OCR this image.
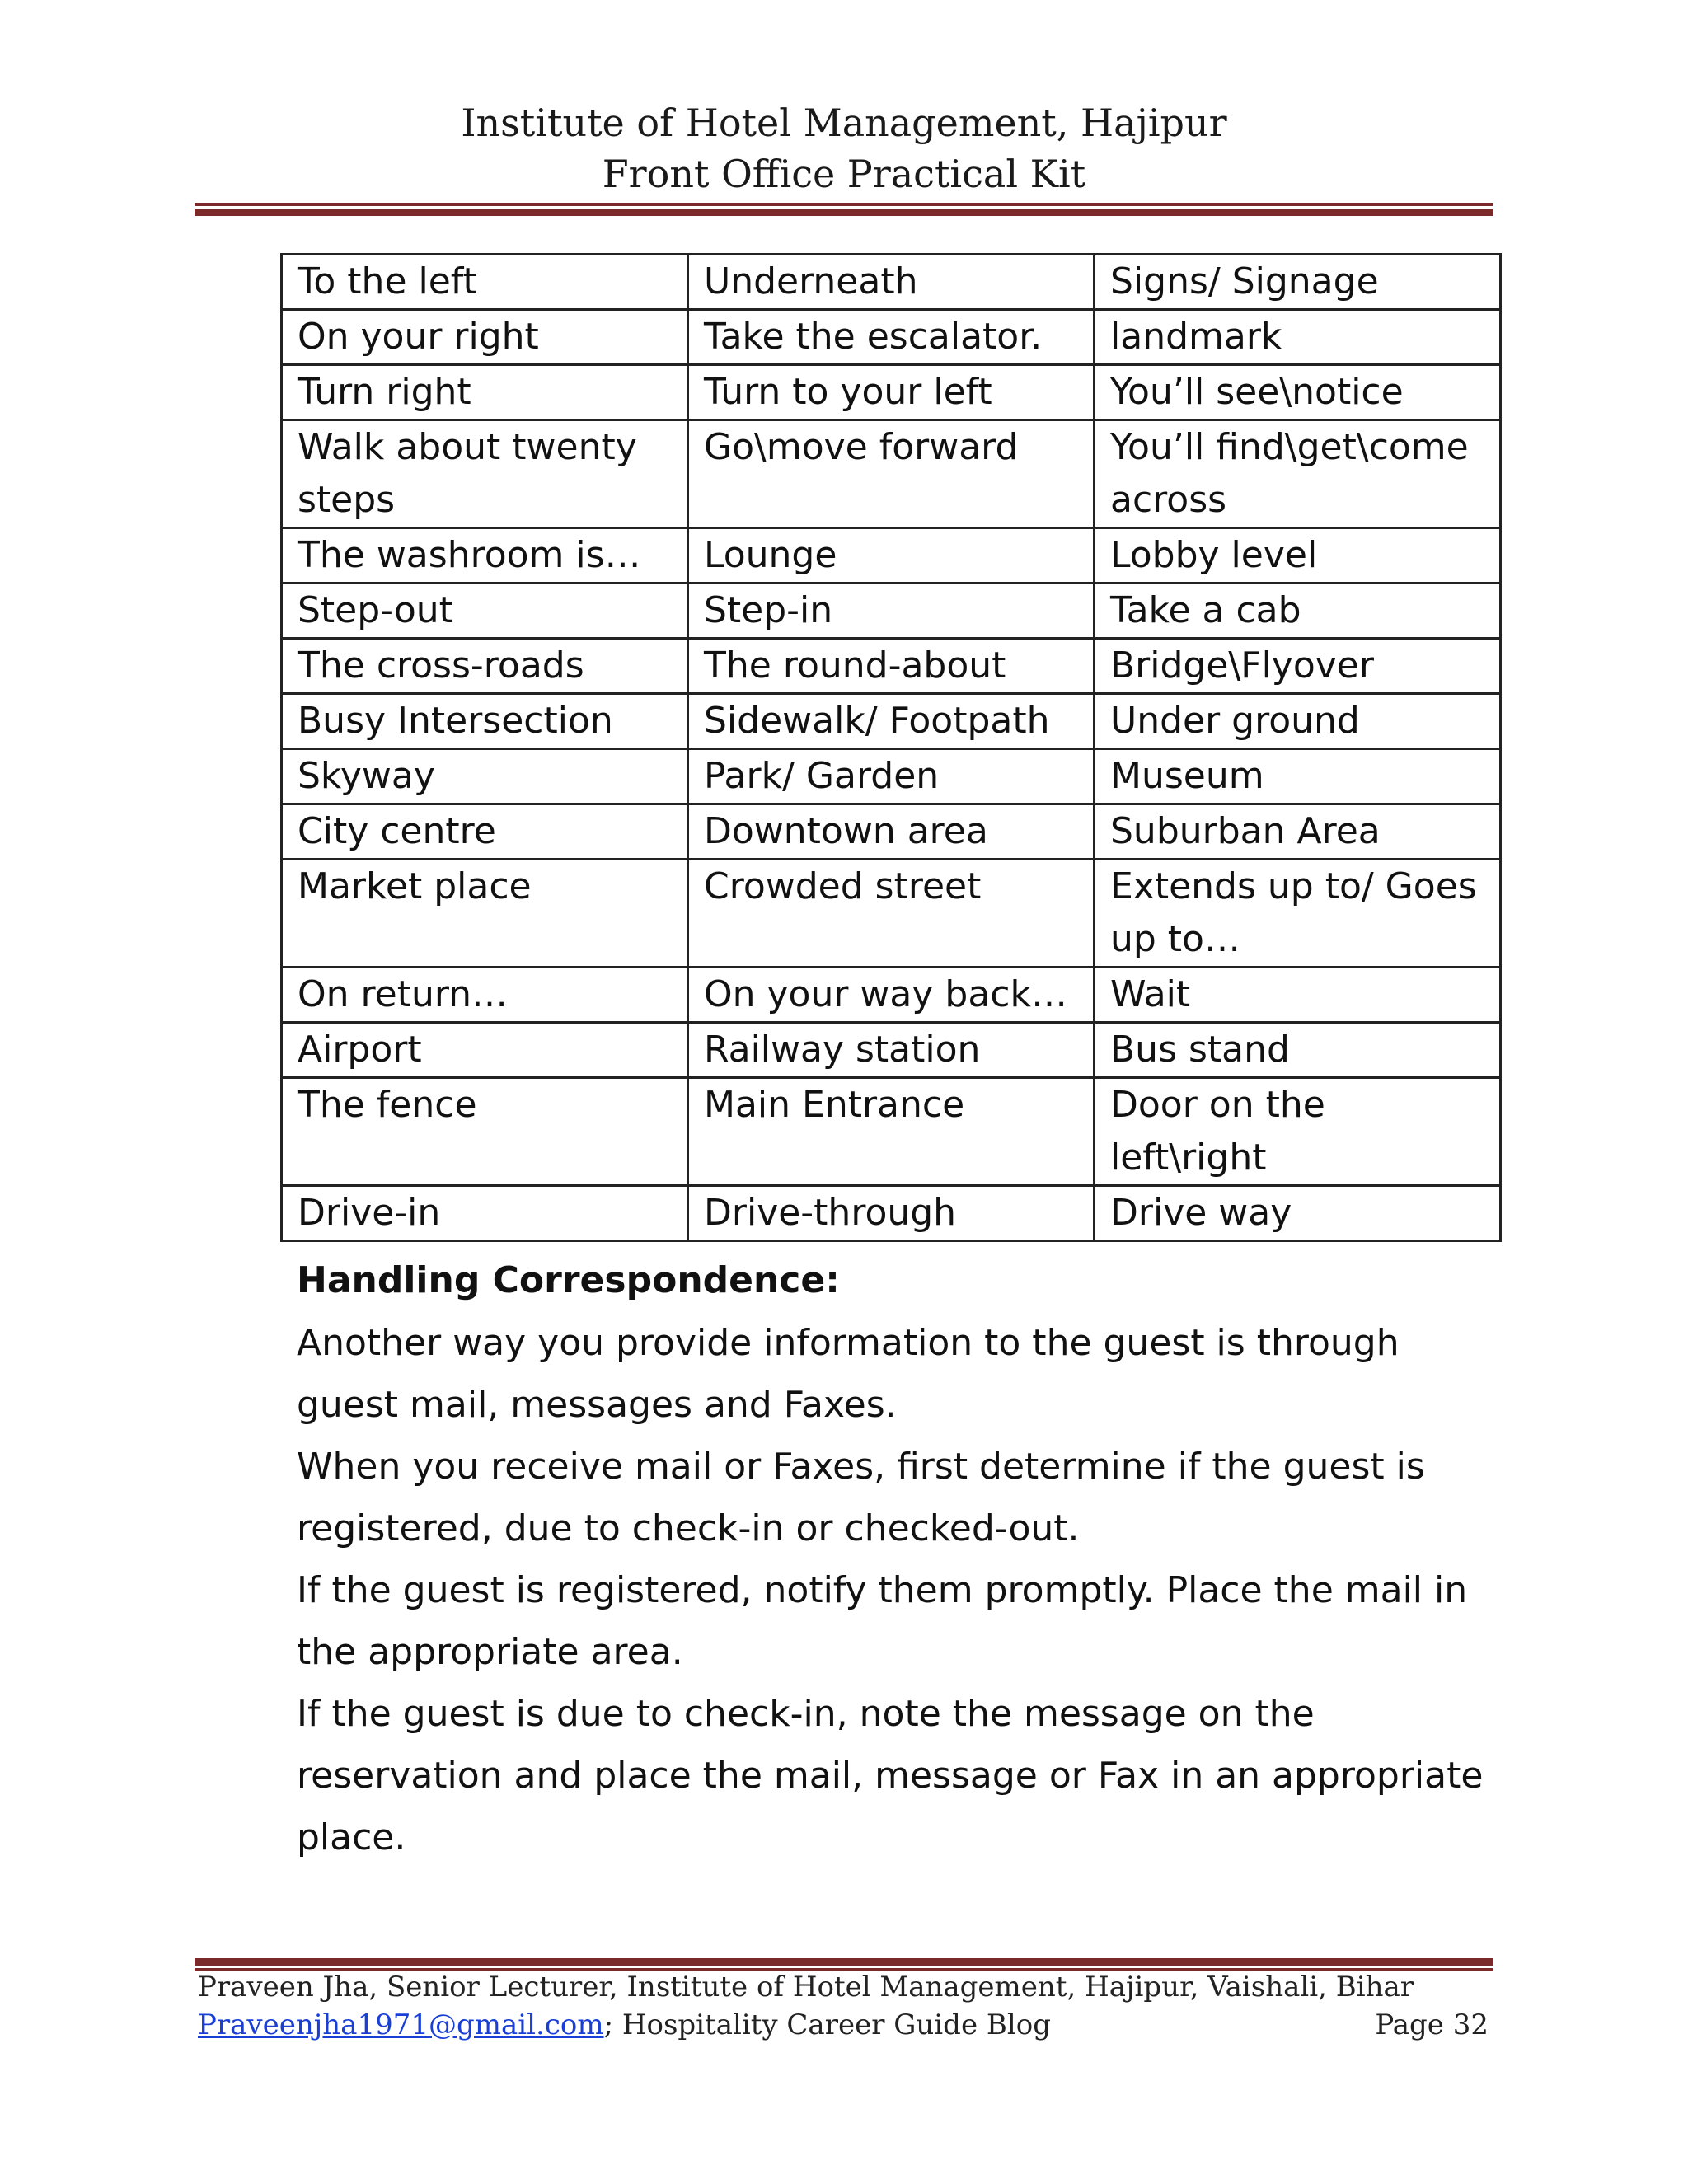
Institute of Hotel Management, Hajipur
Front Office Practical Kit
To the left	Underneath	Signs/ Signage
On your right	Take the escalator.	landmark
Turn right	Turn to your left	You’ll see\notice
Walk about twenty steps	Go\move forward	You’ll find\get\come across
The washroom is…	Lounge	Lobby level
Step-out	Step-in	Take a cab
The cross-roads	The round-about	Bridge\Flyover
Busy Intersection	Sidewalk/ Footpath	Under ground
Skyway	Park/ Garden	Museum
City centre	Downtown area	Suburban Area
Market place	Crowded street	Extends up to/ Goes up to…
On return…	On your way back…	Wait
Airport	Railway station	Bus stand
The fence	Main Entrance	Door on the left\right
Drive-in	Drive-through	Drive way
Handling Correspondence:

Another way you provide information to the guest is through guest mail, messages and Faxes.

When you receive mail or Faxes, first determine if the guest is registered, due to check-in or checked-out.

If the guest is registered, notify them promptly. Place the mail in the appropriate area.

If the guest is due to check-in, note the message on the reservation and place the mail, message or Fax in an appropriate place.

Praveen Jha, Senior Lecturer, Institute of Hotel Management, Hajipur, Vaishali, Bihar
Praveenjha1971@gmail.com; Hospitality Career Guide Blog	Page 32
